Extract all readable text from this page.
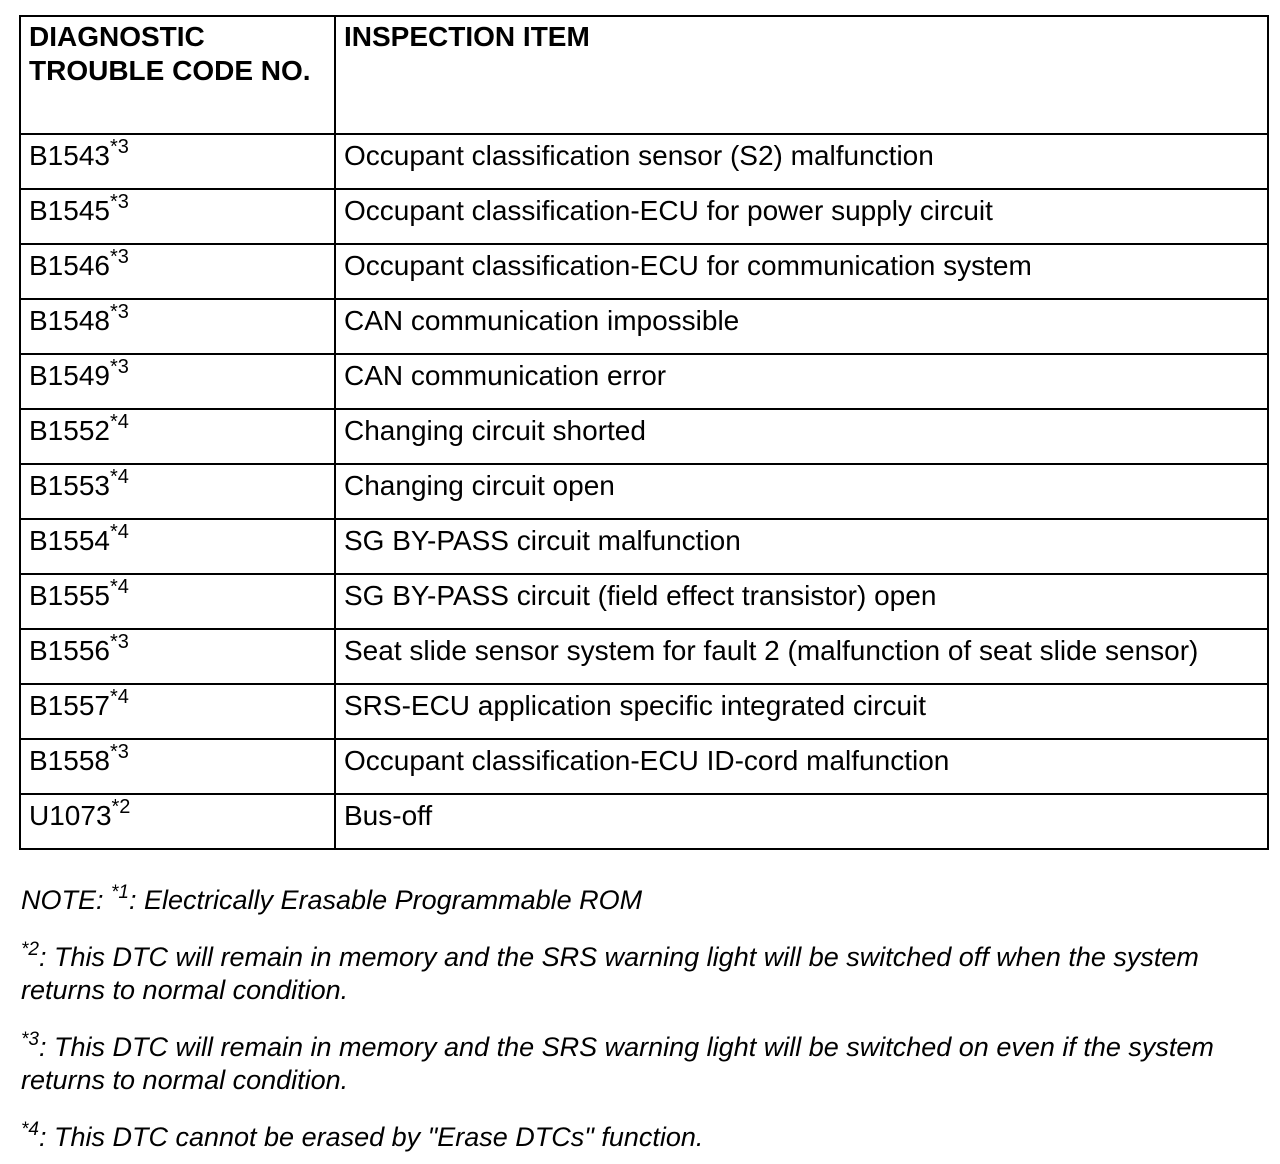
DIAGNOSTIC TROUBLE CODE NO.	INSPECTION ITEM
B1543$^{*3}$	Occupant classification sensor (S2) malfunction
B1545$^{*3}$	Occupant classification-ECU for power supply circuit
B1546$^{*3}$	Occupant classification-ECU for communication system
B1548$^{*3}$	CAN communication impossible
B1549$^{*3}$	CAN communication error
B1552$^{*4}$	Changing circuit shorted
B1553$^{*4}$	Changing circuit open
B1554$^{*4}$	SG BY-PASS circuit malfunction
B1555$^{*4}$	SG BY-PASS circuit (field effect transistor) open
B1556$^{*3}$	Seat slide sensor system for fault 2 (malfunction of seat slide sensor)
B1557$^{*4}$	SRS-ECU application specific integrated circuit
B1558$^{*3}$	Occupant classification-ECU ID-cord malfunction
U1073$^{*2}$	Bus-off

NOTE: $^{*1}$: Electrically Erasable Programmable ROM

$^{*2}$: This DTC will remain in memory and the SRS warning light will be switched off when the system returns to normal condition.

$^{*3}$: This DTC will remain in memory and the SRS warning light will be switched on even if the system returns to normal condition.

$^{*4}$: This DTC cannot be erased by "Erase DTCs" function.
